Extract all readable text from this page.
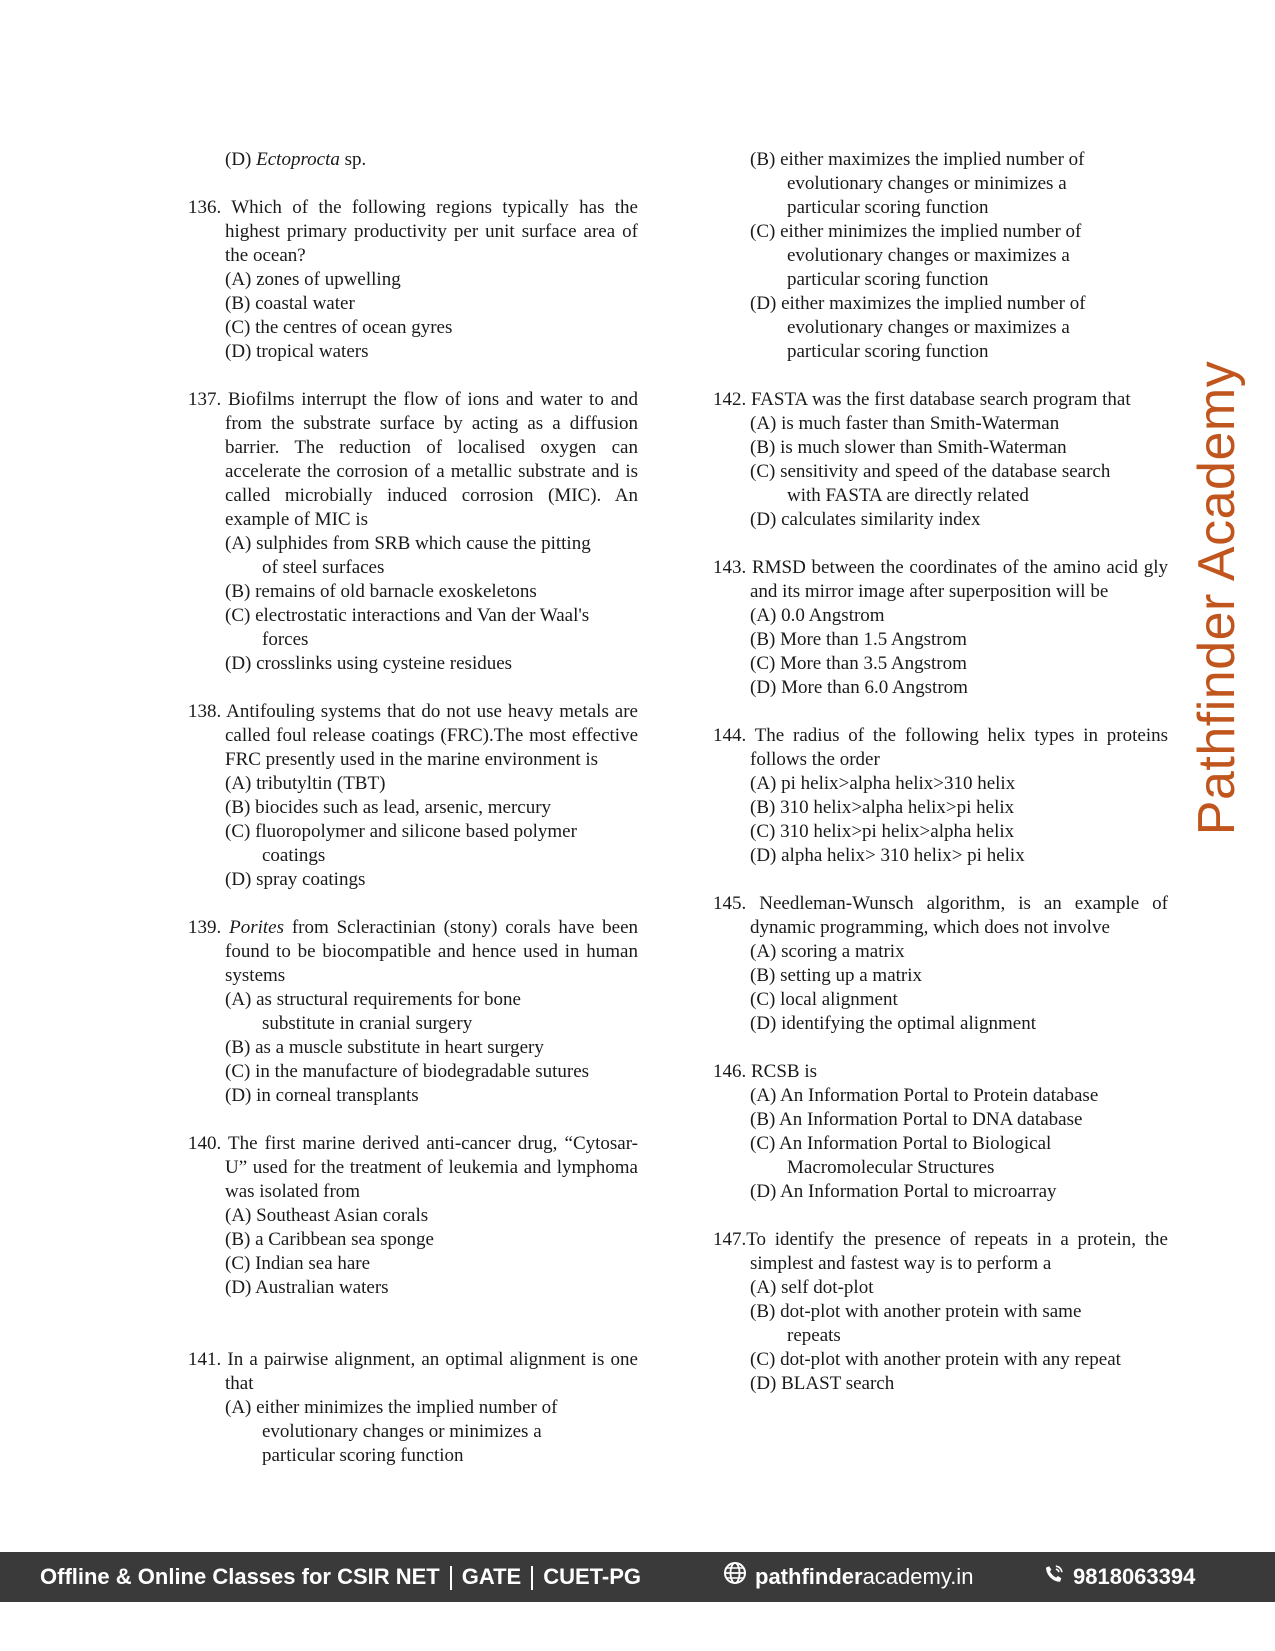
(D) Ectoprocta sp.

136. Which of the following regions typically has the highest primary productivity per unit surface area of the ocean?

(A) zones of upwelling

(B) coastal water

(C) the centres of ocean gyres

(D) tropical waters

137. Biofilms interrupt the flow of ions and water to and from the substrate surface by acting as a diffusion barrier. The reduction of localised oxygen can accelerate the corrosion of a metallic substrate and is called microbially induced corrosion (MIC). An example of MIC is

(A) sulphides from SRB which cause the pitting

of steel surfaces

(B) remains of old barnacle exoskeletons

(C) electrostatic interactions and Van der Waal's

forces

(D) crosslinks using cysteine residues

138. Antifouling systems that do not use heavy metals are called foul release coatings (FRC).The most effective FRC presently used in the marine environment is

(A) tributyltin (TBT)

(B) biocides such as lead, arsenic, mercury

(C) fluoropolymer and silicone based polymer

coatings

(D) spray coatings

139. Porites from Scleractinian (stony) corals have been found to be biocompatible and hence used in human systems

(A) as structural requirements for bone

substitute in cranial surgery

(B) as a muscle substitute in heart surgery

(C) in the manufacture of biodegradable sutures

(D) in corneal transplants

140. The first marine derived anti-cancer drug, “Cytosar- U” used for the treatment of leukemia and lymphoma was isolated from

(A) Southeast Asian corals

(B) a Caribbean sea sponge

(C) Indian sea hare

(D) Australian waters

141. In a pairwise alignment, an optimal alignment is one that

(A) either minimizes the implied number of

evolutionary changes or minimizes a

particular scoring function

(B) either maximizes the implied number of

evolutionary changes or minimizes a

particular scoring function

(C) either minimizes the implied number of

evolutionary changes or maximizes a

particular scoring function

(D) either maximizes the implied number of

evolutionary changes or maximizes a

particular scoring function

142. FASTA was the first database search program that

(A) is much faster than Smith-Waterman

(B) is much slower than Smith-Waterman

(C) sensitivity and speed of the database search

with FASTA are directly related

(D) calculates similarity index

143. RMSD between the coordinates of the amino acid gly and its mirror image after superposition will be

(A) 0.0 Angstrom

(B) More than 1.5 Angstrom

(C) More than 3.5 Angstrom

(D) More than 6.0 Angstrom

144. The radius of the following helix types in proteins follows the order

(A) pi helix>alpha helix>310 helix

(B) 310 helix>alpha helix>pi helix

(C) 310 helix>pi helix>alpha helix

(D) alpha helix> 310 helix> pi helix

145. Needleman-Wunsch algorithm, is an example of dynamic programming, which does not involve

(A) scoring a matrix

(B) setting up a matrix

(C) local alignment

(D) identifying the optimal alignment

146. RCSB is

(A) An Information Portal to Protein database

(B) An Information Portal to DNA database

(C) An Information Portal to Biological

Macromolecular Structures

(D) An Information Portal to microarray

147.To identify the presence of repeats in a protein, the simplest and fastest way is to perform a

(A) self dot-plot

(B) dot-plot with another protein with same

repeats

(C) dot-plot with another protein with any repeat

(D) BLAST search

Pathfinder Academy
Offline & Online Classes for CSIR NET GATE CUET-PG	pathfinderacademy.in	9818063394
